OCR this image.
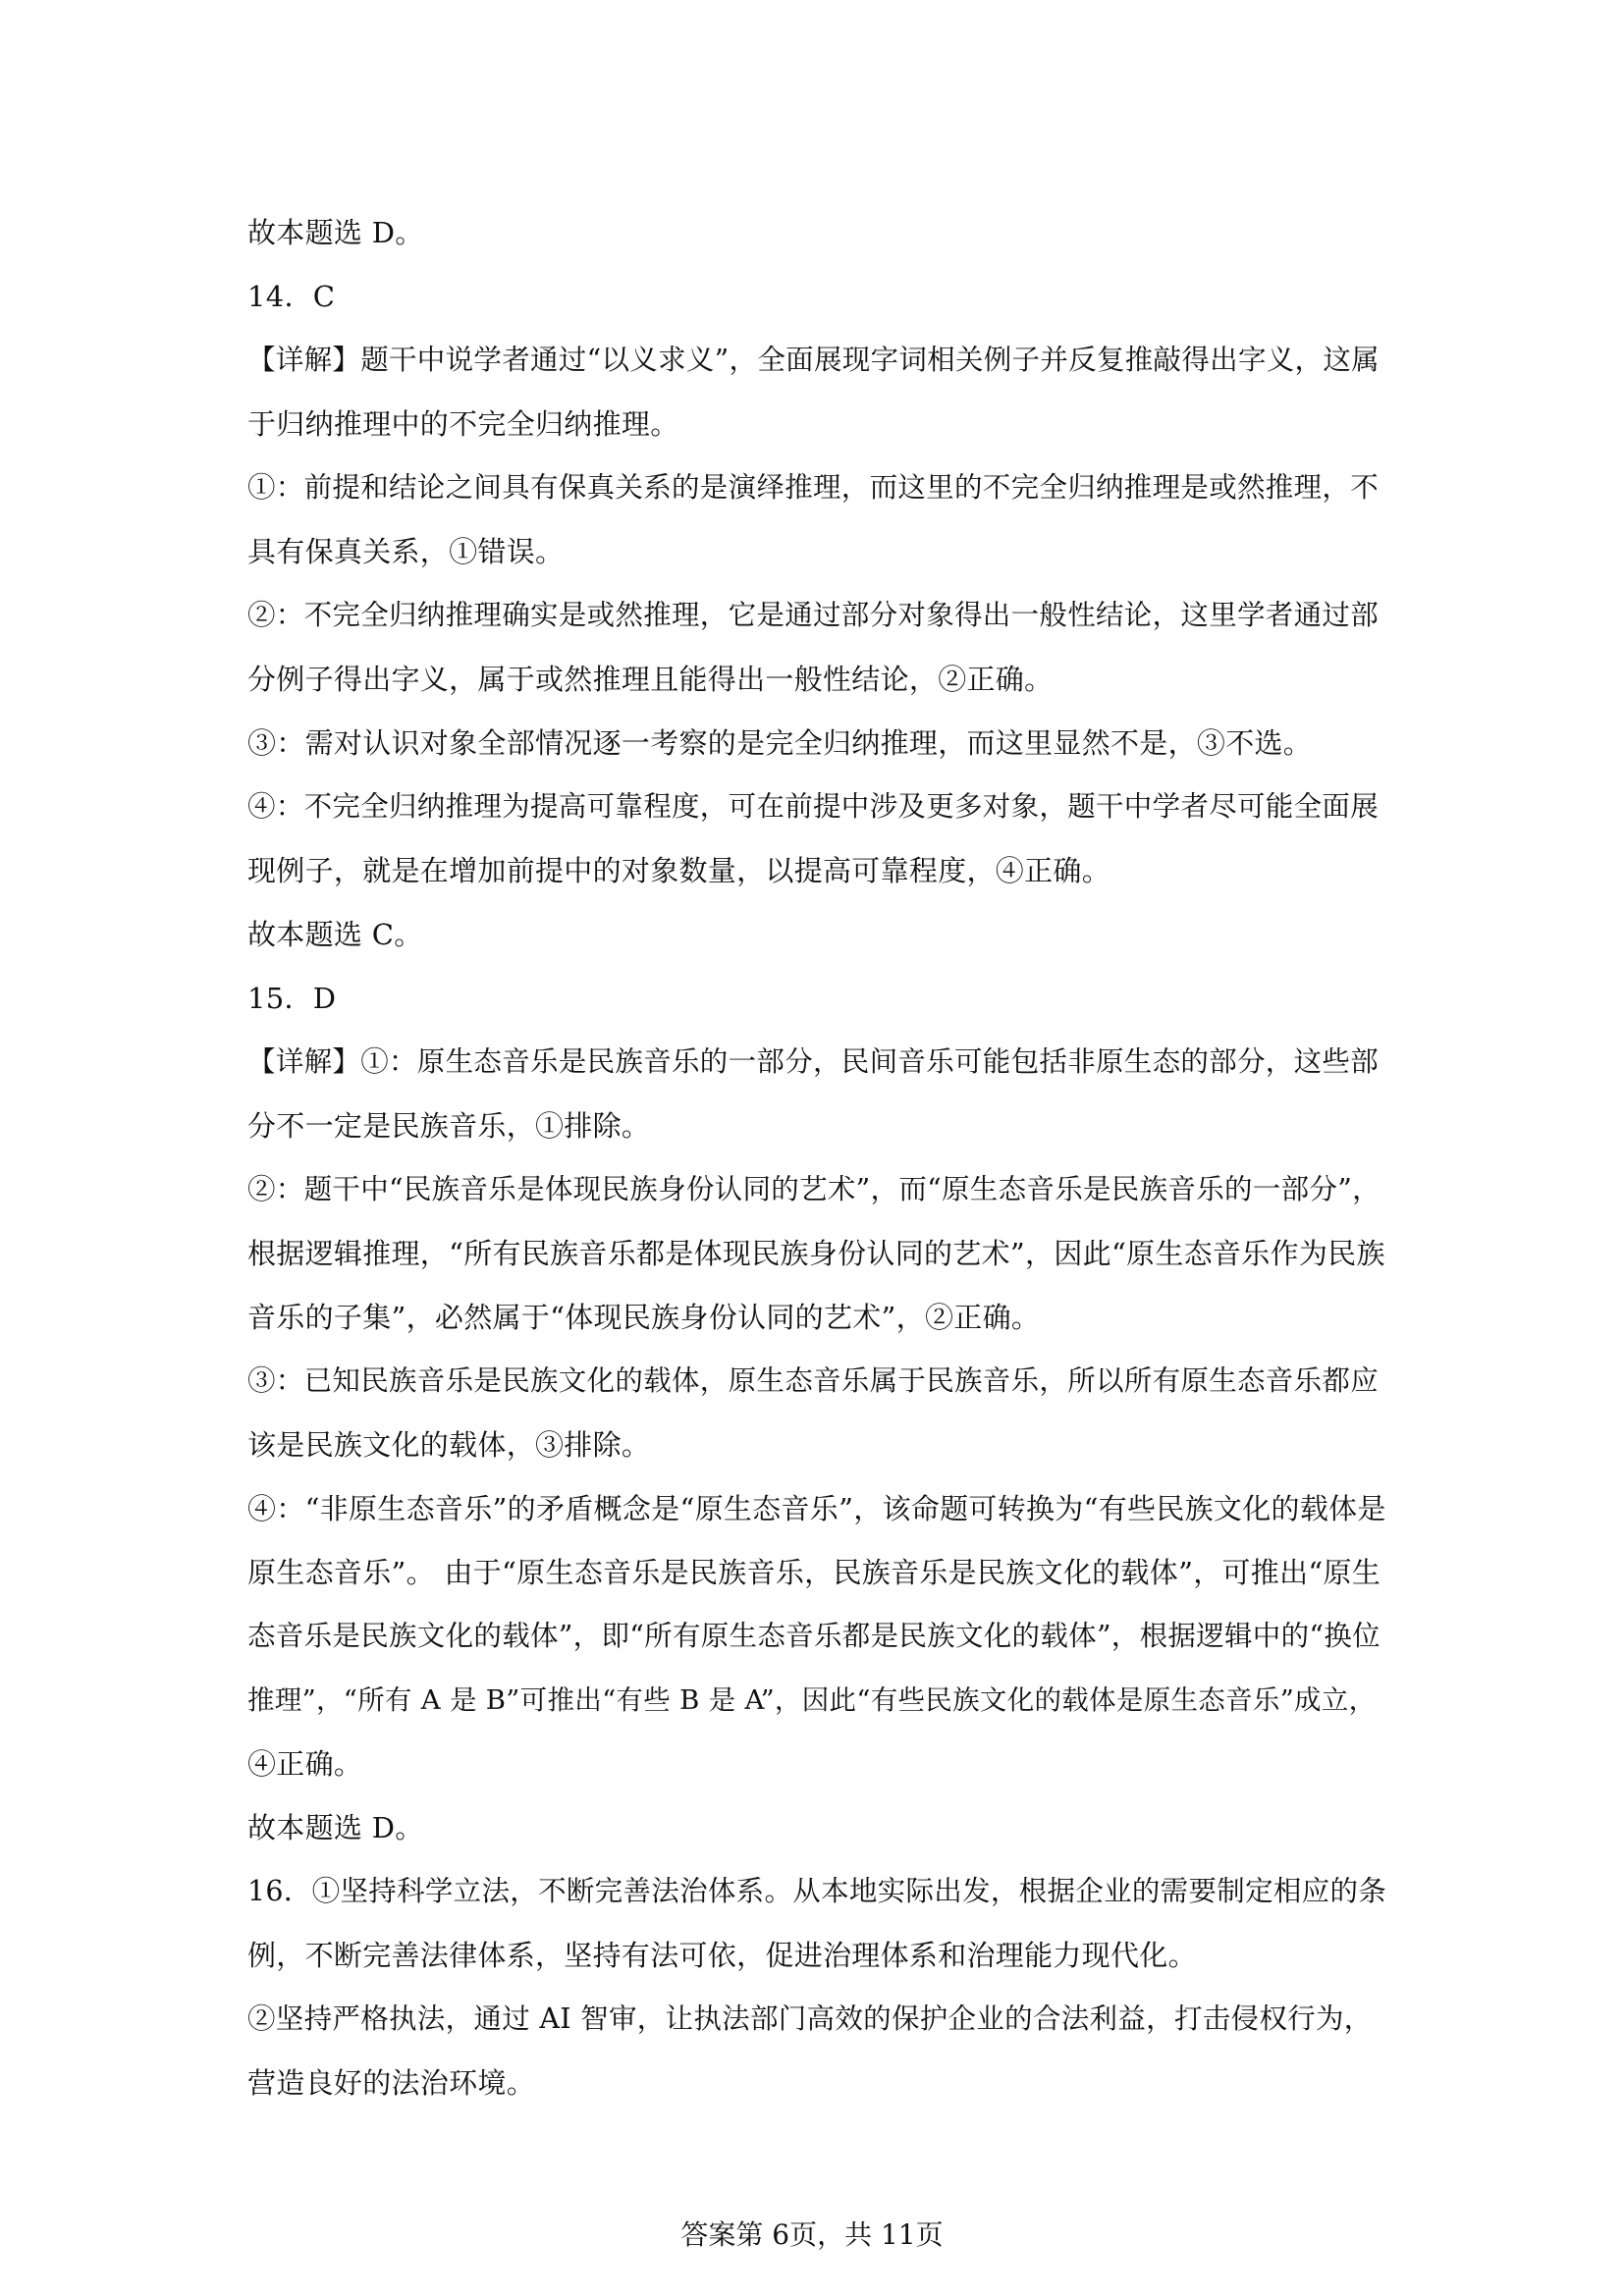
故本题选 D。
14．C
【详解】题干中说学者通过“以义求义”，全面展现字词相关例子并反复推敲得出字义，这属
于归纳推理中的不完全归纳推理。
①：前提和结论之间具有保真关系的是演绎推理，而这里的不完全归纳推理是或然推理，不
具有保真关系，①错误。
②：不完全归纳推理确实是或然推理，它是通过部分对象得出一般性结论，这里学者通过部
分例子得出字义，属于或然推理且能得出一般性结论，②正确。
③：需对认识对象全部情况逐一考察的是完全归纳推理，而这里显然不是，③不选。
④：不完全归纳推理为提高可靠程度，可在前提中涉及更多对象，题干中学者尽可能全面展
现例子，就是在增加前提中的对象数量，以提高可靠程度，④正确。
故本题选 C。
15．D
【详解】①：原生态音乐是民族音乐的一部分，民间音乐可能包括非原生态的部分，这些部
分不一定是民族音乐，①排除。
②：题干中“民族音乐是体现民族身份认同的艺术”，而“原生态音乐是民族音乐的一部分”，
根据逻辑推理，“所有民族音乐都是体现民族身份认同的艺术”，因此“原生态音乐作为民族
音乐的子集”，必然属于“体现民族身份认同的艺术”，②正确。
③：已知民族音乐是民族文化的载体，原生态音乐属于民族音乐，所以所有原生态音乐都应
该是民族文化的载体，③排除。
④：“非原生态音乐”的矛盾概念是“原生态音乐”，该命题可转换为“有些民族文化的载体是
原生态音乐”。 由于“原生态音乐是民族音乐，民族音乐是民族文化的载体”，可推出“原生
态音乐是民族文化的载体”，即“所有原生态音乐都是民族文化的载体”，根据逻辑中的“换位
推理”，“所有 A 是 B”可推出“有些 B 是 A”，因此“有些民族文化的载体是原生态音乐”成立，
④正确。
故本题选 D。
16．①坚持科学立法，不断完善法治体系。从本地实际出发，根据企业的需要制定相应的条
例，不断完善法律体系，坚持有法可依，促进治理体系和治理能力现代化。
②坚持严格执法，通过 AI 智审，让执法部门高效的保护企业的合法利益，打击侵权行为，
营造良好的法治环境。
答案第 6页，共 11页
